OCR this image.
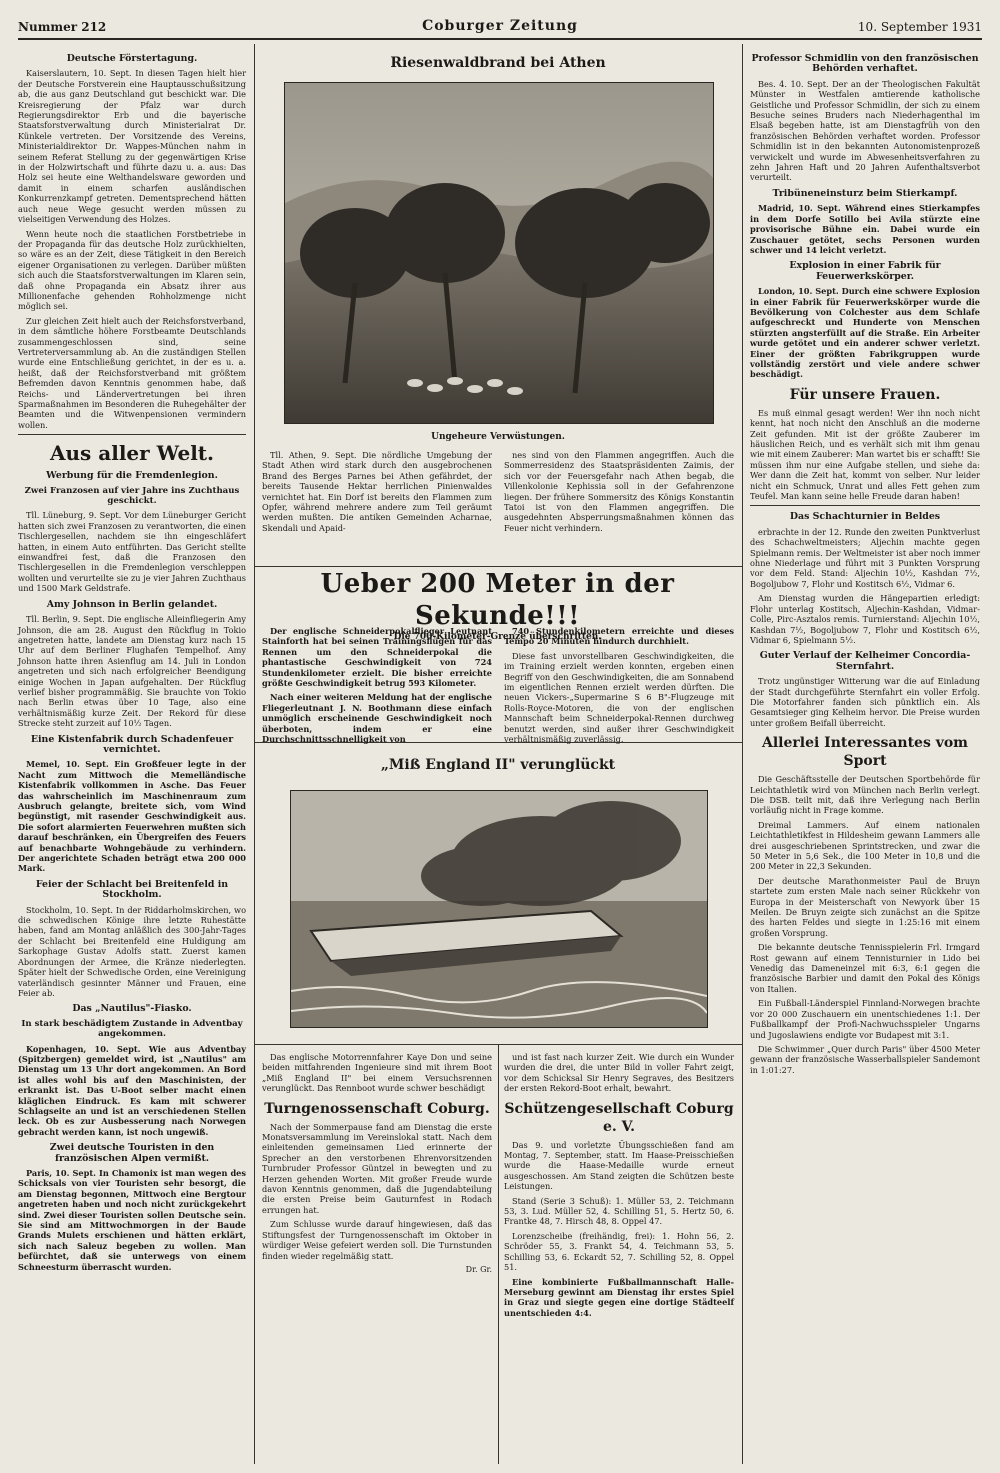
Nummer 212	Coburger Zeitung	10. September 1931
Deutsche Förstertagung.

Kaiserslautern, 10. Sept. In diesen Tagen hielt hier der Deutsche Forstverein eine Hauptausschußsitzung ab, die aus ganz Deutschland gut beschickt war. Die Kreisregierung der Pfalz war durch Regierungsdirektor Erb und die bayerische Staatsforstverwaltung durch Ministerialrat Dr. Künkele vertreten. Der Vorsitzende des Vereins, Ministerialdirektor Dr. Wappes-München nahm in seinem Referat Stellung zu der gegenwärtigen Krise in der Holzwirtschaft und führte dazu u. a. aus: Das Holz sei heute eine Welthandelsware geworden und damit in einem scharfen ausländischen Konkurrenzkampf getreten. Dementsprechend hätten auch neue Wege gesucht werden müssen zu vielseitigen Verwendung des Holzes.

Wenn heute noch die staatlichen Forstbetriebe in der Propaganda für das deutsche Holz zurückhielten, so wäre es an der Zeit, diese Tätigkeit in den Bereich eigener Organisationen zu verlegen. Darüber müßten sich auch die Staatsforstverwaltungen im Klaren sein, daß ohne Propaganda ein Absatz ihrer aus Millionenfache gehenden Rohholzmenge nicht möglich sei.

Zur gleichen Zeit hielt auch der Reichsforstverband, in dem sämtliche höhere Forstbeamte Deutschlands zusammengeschlossen sind, seine Vertreterversammlung ab. An die zuständigen Stellen wurde eine Entschließung gerichtet, in der es u. a. heißt, daß der Reichsforstverband mit größtem Befremden davon Kenntnis genommen habe, daß Reichs- und Ländervertretungen bei ihren Sparmaßnahmen im Besonderen die Ruhegehälter der Beamten und die Witwenpensionen vermindern wollen.

Aus aller Welt.
Werbung für die Fremdenlegion.
Zwei Franzosen auf vier Jahre ins Zuchthaus geschickt.

Tll. Lüneburg, 9. Sept. Vor dem Lüneburger Gericht hatten sich zwei Franzosen zu verantworten, die einen Tischlergesellen, nachdem sie ihn eingeschläfert hatten, in einem Auto entführten. Das Gericht stellte einwandfrei fest, daß die Franzosen den Tischlergesellen in die Fremdenlegion verschleppen wollten und verurteilte sie zu je vier Jahren Zuchthaus und 1500 Mark Geldstrafe.

Amy Johnson in Berlin gelandet.

Tll. Berlin, 9. Sept. Die englische Alleinfliegerin Amy Johnson, die am 28. August den Rückflug in Tokio angetreten hatte, landete am Dienstag kurz nach 15 Uhr auf dem Berliner Flughafen Tempelhof. Amy Johnson hatte ihren Asienflug am 14. Juli in London angetreten und sich nach erfolgreicher Beendigung einige Wochen in Japan aufgehalten. Der Rückflug verlief bisher programmäßig. Sie brauchte von Tokio nach Berlin etwas über 10 Tage, also eine verhältnismäßig kurze Zeit. Der Rekord für diese Strecke steht zurzeit auf 10½ Tagen.

Eine Kistenfabrik durch Schadenfeuer vernichtet.

Memel, 10. Sept. Ein Großfeuer legte in der Nacht zum Mittwoch die Memelländische Kistenfabrik vollkommen in Asche. Das Feuer das wahrscheinlich im Maschinenraum zum Ausbruch gelangte, breitete sich, vom Wind begünstigt, mit rasender Geschwindigkeit aus. Die sofort alarmierten Feuerwehren mußten sich darauf beschränken, ein Übergreifen des Feuers auf benachbarte Wohngebäude zu verhindern. Der angerichtete Schaden beträgt etwa 200 000 Mark.

Feier der Schlacht bei Breitenfeld in Stockholm.

Stockholm, 10. Sept. In der Riddarholmskirchen, wo die schwedischen Könige ihre letzte Ruhestätte haben, fand am Montag anläßlich des 300-Jahr-Tages der Schlacht bei Breitenfeld eine Huldigung am Sarkophage Gustav Adolfs statt. Zuerst kamen Abordnungen der Armee, die Kränze niederlegten. Später hielt der Schwedische Orden, eine Vereinigung vaterländisch gesinnter Männer und Frauen, eine Feier ab.

Das „Nautilus"-Fiasko.
In stark beschädigtem Zustande in Adventbay angekommen.

Kopenhagen, 10. Sept. Wie aus Adventbay (Spitzbergen) gemeldet wird, ist „Nautilus" am Dienstag um 13 Uhr dort angekommen. An Bord ist alles wohl bis auf den Maschinisten, der erkrankt ist. Das U-Boot selber macht einen kläglichen Eindruck. Es kam mit schwerer Schlagseite an und ist an verschiedenen Stellen leck. Ob es zur Ausbesserung nach Norwegen gebracht werden kann, ist noch ungewiß.

Zwei deutsche Touristen in den französischen Alpen vermißt.

Paris, 10. Sept. In Chamonix ist man wegen des Schicksals von vier Touristen sehr besorgt, die am Dienstag begonnen, Mittwoch eine Bergtour angetreten haben und noch nicht zurückgekehrt sind. Zwei dieser Touristen sollen Deutsche sein. Sie sind am Mittwochmorgen in der Baude Grands Mulets erschienen und hätten erklärt, sich nach Saleuz begeben zu wollen. Man befürchtet, daß sie unterwegs von einem Schneesturm überrascht wurden.

Riesenwaldbrand bei Athen
Ungeheure Verwüstungen.

Tll. Athen, 9. Sept. Die nördliche Umgebung der Stadt Athen wird stark durch den ausgebrochenen Brand des Berges Parnes bei Athen gefährdet, der bereits Tausende Hektar herrlichen Pinienwaldes vernichtet hat. Ein Dorf ist bereits den Flammen zum Opfer, während mehrere andere zum Teil geräumt werden mußten. Die antiken Gemeinden Acharnae, Skendali und Apaid-

nes sind von den Flammen angegriffen. Auch die Sommerresidenz des Staatspräsidenten Zaimis, der sich vor der Feuersgefahr nach Athen begab, die Villenkolonie Kephissia soll in der Gefahrenzone liegen. Der frühere Sommersitz des Königs Konstantin Tatoi ist von den Flammen angegriffen. Die ausgedehnten Absperrungsmaßnahmen können das Feuer nicht verhindern.

Ueber 200 Meter in der Sekunde!!!
Die 700-Kilometer-Grenze überschritten.

Der englische Schneiderpokalflieger Leutnant Stainforth hat bei seinen Trainingsflügen für das Rennen um den Schneiderpokal die phantastische Geschwindigkeit von 724 Stundenkilometer erzielt. Die bisher erreichte größte Geschwindigkeit betrug 593 Kilometer.

Nach einer weiteren Meldung hat der englische Fliegerleutnant J. N. Boothmann diese einfach unmöglich erscheinende Geschwindigkeit noch überboten, indem er eine Durchschnittsschnelligkeit von

740 Stundenkilometern erreichte und dieses Tempo 20 Minuten hindurch durchhielt.

Diese fast unvorstellbaren Geschwindigkeiten, die im Training erzielt werden konnten, ergeben einen Begriff von den Geschwindigkeiten, die am Sonnabend im eigentlichen Rennen erzielt werden dürften. Die neuen Vickers-„Supermarine S 6 B"-Flugzeuge mit Rolls-Royce-Motoren, die von der englischen Mannschaft beim Schneiderpokal-Rennen durchweg benutzt werden, sind außer ihrer Geschwindigkeit verhältnismäßig zuverlässig.

„Miß England II" verunglückt

Das englische Motorrennfahrer Kaye Don und seine beiden mitfahrenden Ingenieure sind mit ihrem Boot „Miß England II" bei einem Versuchsrennen verunglückt. Das Rennboot wurde schwer beschädigt

Turngenossenschaft Coburg.

Nach der Sommerpause fand am Dienstag die erste Monatsversammlung im Vereinslokal statt. Nach dem einleitenden gemeinsamen Lied erinnerte der Sprecher an den verstorbenen Ehrenvorsitzenden Turnbruder Professor Güntzel in bewegten und zu Herzen gehenden Worten. Mit großer Freude wurde davon Kenntnis genommen, daß die Jugendabteilung die ersten Preise beim Gauturnfest in Rodach errungen hat.

Zum Schlusse wurde darauf hingewiesen, daß das Stiftungsfest der Turngenossenschaft im Oktober in würdiger Weise gefeiert werden soll. Die Turnstunden finden wieder regelmäßig statt.

Dr. Gr.

und ist fast nach kurzer Zeit. Wie durch ein Wunder wurden die drei, die unter Bild in voller Fahrt zeigt, vor dem Schicksal Sir Henry Segraves, des Besitzers der ersten Rekord-Boot erhalt, bewahrt.

Schützengesellschaft Coburg e. V.

Das 9. und vorletzte Übungsschießen fand am Montag, 7. September, statt. Im Haase-Preisschießen wurde die Haase-Medaille wurde erneut ausgeschossen. Am Stand zeigten die Schützen beste Leistungen.

Stand (Serie 3 Schuß): 1. Müller 53, 2. Teichmann 53, 3. Lud. Müller 52, 4. Schilling 51, 5. Hertz 50, 6. Frantke 48, 7. Hirsch 48, 8. Oppel 47.

Lorenzscheibe (freihändig, frei): 1. Hohn 56, 2. Schröder 55, 3. Frankt 54, 4. Teichmann 53, 5. Schilling 53, 6. Eckardt 52, 7. Schilling 52, 8. Oppel 51.

Eine kombinierte Fußballmannschaft Halle-Merseburg gewinnt am Dienstag ihr erstes Spiel in Graz und siegte gegen eine dortige Städteelf unentschieden 4:4.

Professor Schmidlin von den französischen Behörden verhaftet.

Bes. 4. 10. Sept. Der an der Theologischen Fakultät Münster in Westfalen amtierende katholische Geistliche und Professor Schmidlin, der sich zu einem Besuche seines Bruders nach Niederhagenthal im Elsaß begeben hatte, ist am Dienstagfrüh von den französischen Behörden verhaftet worden. Professor Schmidlin ist in den bekannten Autonomistenprozeß verwickelt und wurde im Abwesenheitsverfahren zu zehn Jahren Haft und 20 Jahren Aufenthaltsverbot verurteilt.

Tribüneneinsturz beim Stierkampf.

Madrid, 10. Sept. Während eines Stierkampfes in dem Dorfe Sotillo bei Avila stürzte eine provisorische Bühne ein. Dabei wurde ein Zuschauer getötet, sechs Personen wurden schwer und 14 leicht verletzt.

Explosion in einer Fabrik für Feuerwerkskörper.

London, 10. Sept. Durch eine schwere Explosion in einer Fabrik für Feuerwerkskörper wurde die Bevölkerung von Colchester aus dem Schlafe aufgeschreckt und Hunderte von Menschen stürzten angsterfüllt auf die Straße. Ein Arbeiter wurde getötet und ein anderer schwer verletzt. Einer der größten Fabrikgruppen wurde vollständig zerstört und viele andere schwer beschädigt.

Für unsere Frauen.

Es muß einmal gesagt werden! Wer ihn noch nicht kennt, hat noch nicht den Anschluß an die moderne Zeit gefunden. Mit ist der größte Zauberer im häuslichen Reich, und es verhält sich mit ihm genau wie mit einem Zauberer: Man wartet bis er schafft! Sie müssen ihm nur eine Aufgabe stellen, und siehe da: Wer dann die Zeit hat, kommt von selber. Nur leider nicht ein Schmuck, Unrat und alles Fett gehen zum Teufel. Man kann seine helle Freude daran haben!

Das Schachturnier in Beldes

erbrachte in der 12. Runde den zweiten Punktverlust des Schachweltmeisters; Aljechin machte gegen Spielmann remis. Der Weltmeister ist aber noch immer ohne Niederlage und führt mit 3 Punkten Vorsprung vor dem Feld. Stand: Aljechin 10½, Kashdan 7½, Bogoljubow 7, Flohr und Kostitsch 6½, Vidmar 6.

Am Dienstag wurden die Hängepartien erledigt: Flohr unterlag Kostitsch, Aljechin-Kashdan, Vidmar-Colle, Pirc-Asztalos remis. Turnierstand: Aljechin 10½, Kashdan 7½, Bogoljubow 7, Flohr und Kostitsch 6½, Vidmar 6, Spielmann 5½.

Guter Verlauf der Kelheimer Concordia-Sternfahrt.

Trotz ungünstiger Witterung war die auf Einladung der Stadt durchgeführte Sternfahrt ein voller Erfolg. Die Motorfahrer fanden sich pünktlich ein. Als Gesamtsieger ging Kelheim hervor. Die Preise wurden unter großem Beifall überreicht.

Allerlei Interessantes vom Sport

Die Geschäftsstelle der Deutschen Sportbehörde für Leichtathletik wird von München nach Berlin verlegt. Die DSB. teilt mit, daß ihre Verlegung nach Berlin vorläufig nicht in Frage komme.

Dreimal Lammers. Auf einem nationalen Leichtathletikfest in Hildesheim gewann Lammers alle drei ausgeschriebenen Sprintstrecken, und zwar die 50 Meter in 5,6 Sek., die 100 Meter in 10,8 und die 200 Meter in 22,3 Sekunden.

Der deutsche Marathonmeister Paul de Bruyn startete zum ersten Male nach seiner Rückkehr von Europa in der Meisterschaft von Newyork über 15 Meilen. De Bruyn zeigte sich zunächst an die Spitze des harten Feldes und siegte in 1:25:16 mit einem großen Vorsprung.

Die bekannte deutsche Tennisspielerin Frl. Irmgard Rost gewann auf einem Tennisturnier in Lido bei Venedig das Dameneinzel mit 6:3, 6:1 gegen die französische Barbier und damit den Pokal des Königs von Italien.

Ein Fußball-Länderspiel Finnland-Norwegen brachte vor 20 000 Zuschauern ein unentschiedenes 1:1. Der Fußballkampf der Profi-Nachwuchsspieler Ungarns und Jugoslawiens endigte vor Budapest mit 3:1.

Die Schwimmer „Quer durch Paris" über 4500 Meter gewann der französische Wasserballspieler Sandemont in 1:01:27.
